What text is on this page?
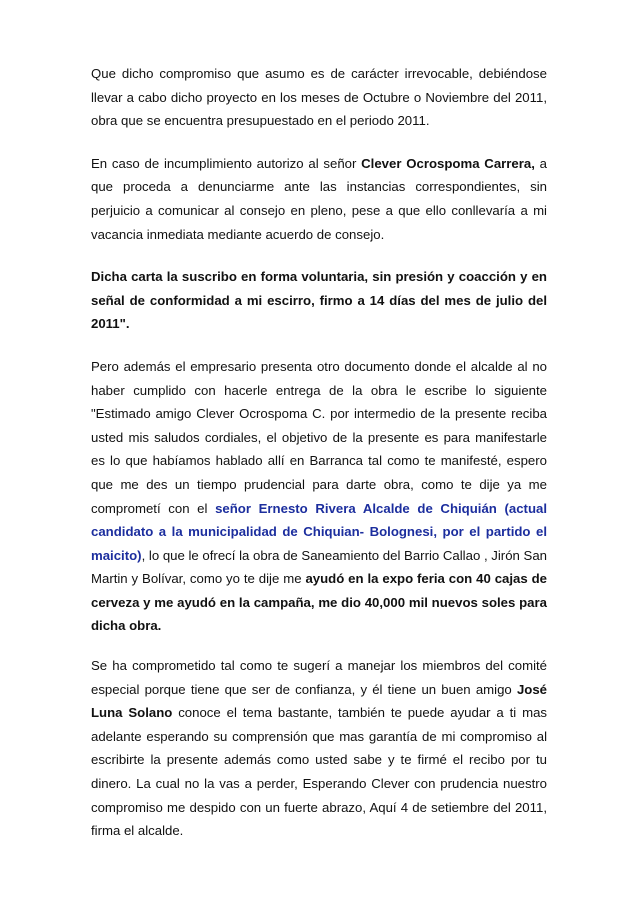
Que dicho compromiso que asumo es de carácter irrevocable, debiéndose llevar a cabo dicho proyecto en los meses de Octubre o Noviembre del 2011, obra que se encuentra presupuestado en el periodo 2011.

En caso de incumplimiento autorizo al señor Clever Ocrospoma Carrera, a que proceda a denunciarme ante las instancias correspondientes, sin perjuicio a comunicar al consejo en pleno, pese a que ello conllevaría a mi vacancia inmediata mediante acuerdo de consejo.

Dicha carta la suscribo en forma voluntaria, sin presión y coacción y en señal de conformidad a mi escirro, firmo a 14 días del mes de julio del 2011".

Pero además el empresario presenta otro documento donde el alcalde al no haber cumplido con hacerle entrega de la obra le escribe lo siguiente "Estimado amigo Clever Ocrospoma C. por intermedio de la presente reciba usted mis saludos cordiales, el objetivo de la presente es para manifestarle es lo que habíamos hablado allí en Barranca tal como te manifesté, espero que me des un tiempo prudencial para darte obra, como te dije ya me comprometí con el señor Ernesto Rivera Alcalde de Chiquián (actual candidato a la municipalidad de Chiquian- Bolognesi, por el partido el maicito), lo que le ofrecí la obra de Saneamiento del Barrio Callao , Jirón San Martin y Bolívar, como yo te dije me ayudó en la expo feria con 40 cajas de cerveza y me ayudó en la campaña, me dio 40,000 mil nuevos soles para dicha obra.

Se ha comprometido tal como te sugerí a manejar los miembros del comité especial porque tiene que ser de confianza, y él tiene un buen amigo José Luna Solano conoce el tema bastante, también te puede ayudar a ti mas adelante esperando su comprensión que mas garantía de mi compromiso al escribirte la presente además como usted sabe y te firmé el recibo por tu dinero. La cual no la vas a perder, Esperando Clever con prudencia nuestro compromiso me despido con un fuerte abrazo, Aquí 4 de setiembre del 2011, firma el alcalde.
